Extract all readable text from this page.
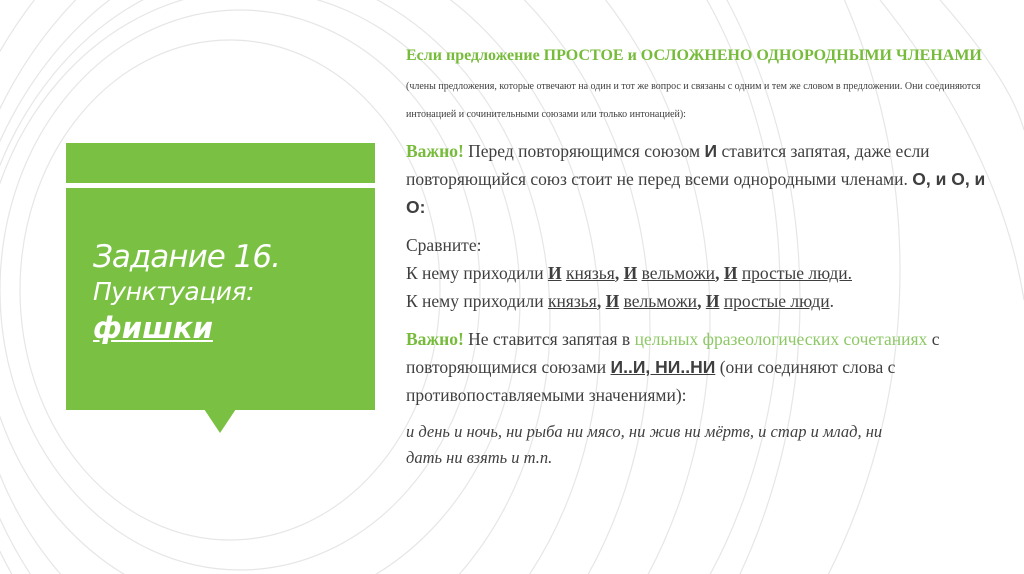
Задание 16.
Пунктуация:
фишки
Если предложение ПРОСТОЕ и ОСЛОЖНЕНО ОДНОРОДНЫМИ ЧЛЕНАМИ (члены предложения, которые отвечают на один и тот же вопрос и связаны с одним и тем же словом в предложении. Они соединяются интонацией и сочинительными союзами или только интонацией):
Важно! Перед повторяющимся союзом И ставится запятая, даже если повторяющийся союз стоит не перед всеми однородными членами. О, и О, и О:
Сравните:
К нему приходили И князья, И вельможи, И простые люди.
К нему приходили князья, И вельможи, И простые люди.
Важно! Не ставится запятая в цельных фразеологических сочетаниях с повторяющимися союзами И..И, НИ..НИ (они соединяют слова с противопоставляемыми значениями):
и день и ночь, ни рыба ни мясо, ни жив ни мёртв, и стар и млад, ни
дать ни взять и т.п.
